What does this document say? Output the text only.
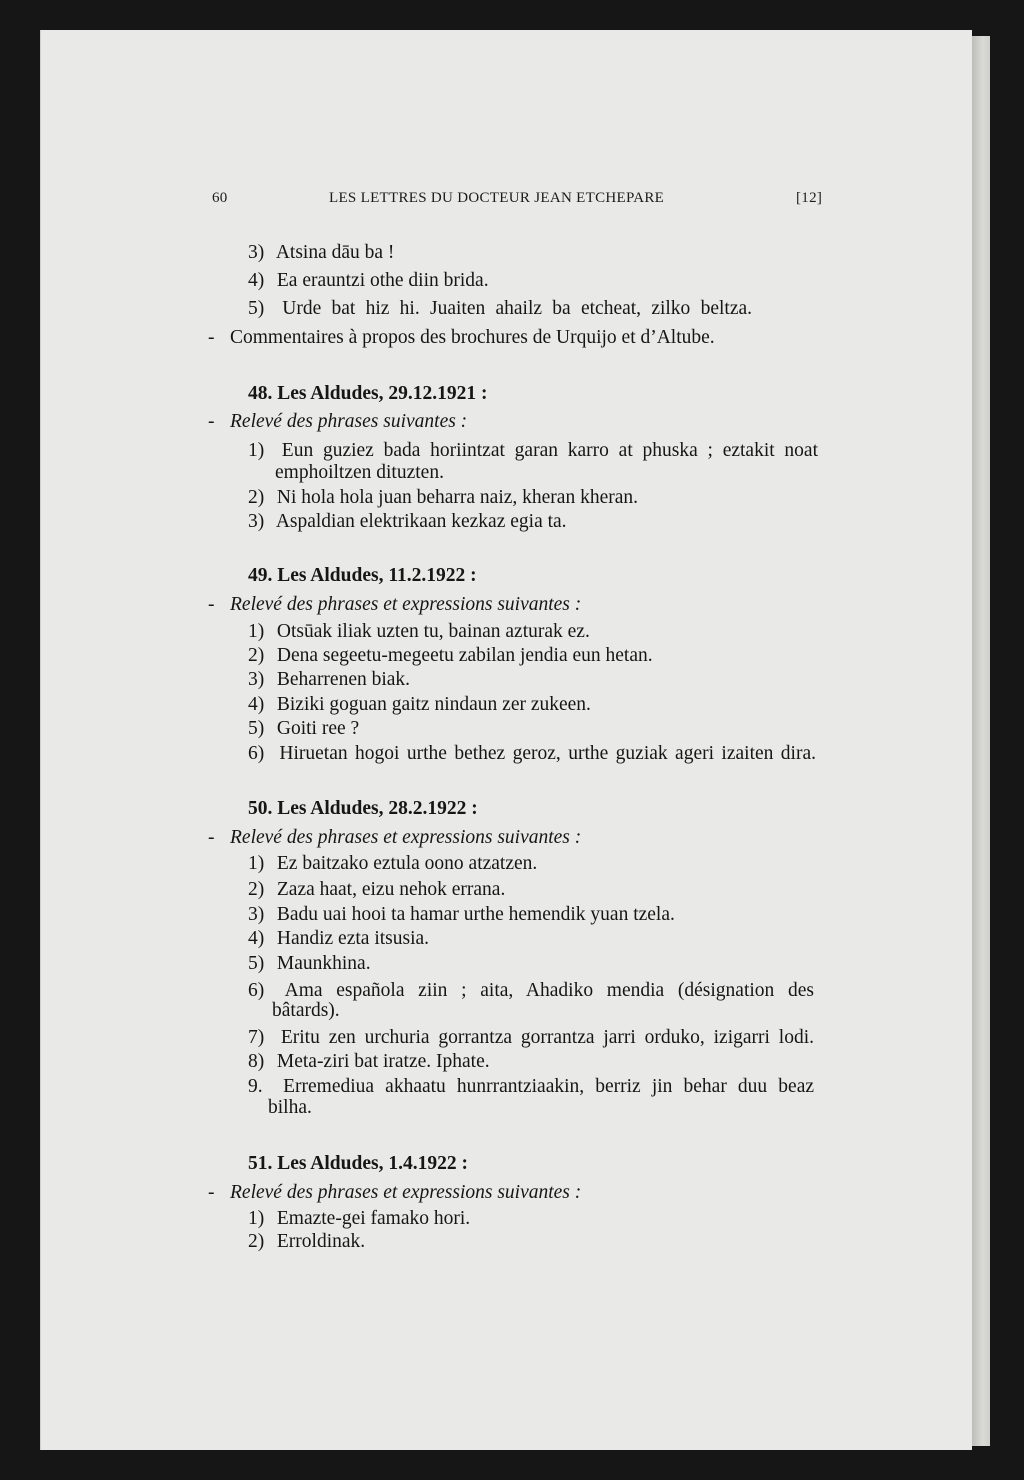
60	LES LETTRES DU DOCTEUR JEAN ETCHEPARE	[12]
3) Atsina dāu ba !
4) Ea erauntzi othe diin brida.
5) Urde bat hiz hi. Juaiten ahailz ba etcheat, zilko beltza.
- Commentaires à propos des brochures de Urquijo et d’Altube.
48. Les Aldudes, 29.12.1921 :
- Relevé des phrases suivantes :
1) Eun guziez bada horiintzat garan karro at phuska ; eztakit noat
emphoiltzen dituzten.
2) Ni hola hola juan beharra naiz, kheran kheran.
3) Aspaldian elektrikaan kezkaz egia ta.
49. Les Aldudes, 11.2.1922 :
- Relevé des phrases et expressions suivantes :
1) Otsūak iliak uzten tu, bainan azturak ez.
2) Dena segeetu-megeetu zabilan jendia eun hetan.
3) Beharrenen biak.
4) Biziki goguan gaitz nindaun zer zukeen.
5) Goiti ree ?
6) Hiruetan hogoi urthe bethez geroz, urthe guziak ageri izaiten dira.
50. Les Aldudes, 28.2.1922 :
- Relevé des phrases et expressions suivantes :
1) Ez baitzako eztula oono atzatzen.
2) Zaza haat, eizu nehok errana.
3) Badu uai hooi ta hamar urthe hemendik yuan tzela.
4) Handiz ezta itsusia.
5) Maunkhina.
6) Ama española ziin ; aita, Ahadiko mendia (désignation des
bâtards).
7) Eritu zen urchuria gorrantza gorrantza jarri orduko, izigarri lodi.
8) Meta-ziri bat iratze. Iphate.
9. Erremediua akhaatu hunrrantziaakin, berriz jin behar duu beaz
bilha.
51. Les Aldudes, 1.4.1922 :
- Relevé des phrases et expressions suivantes :
1) Emazte-gei famako hori.
2) Erroldinak.
